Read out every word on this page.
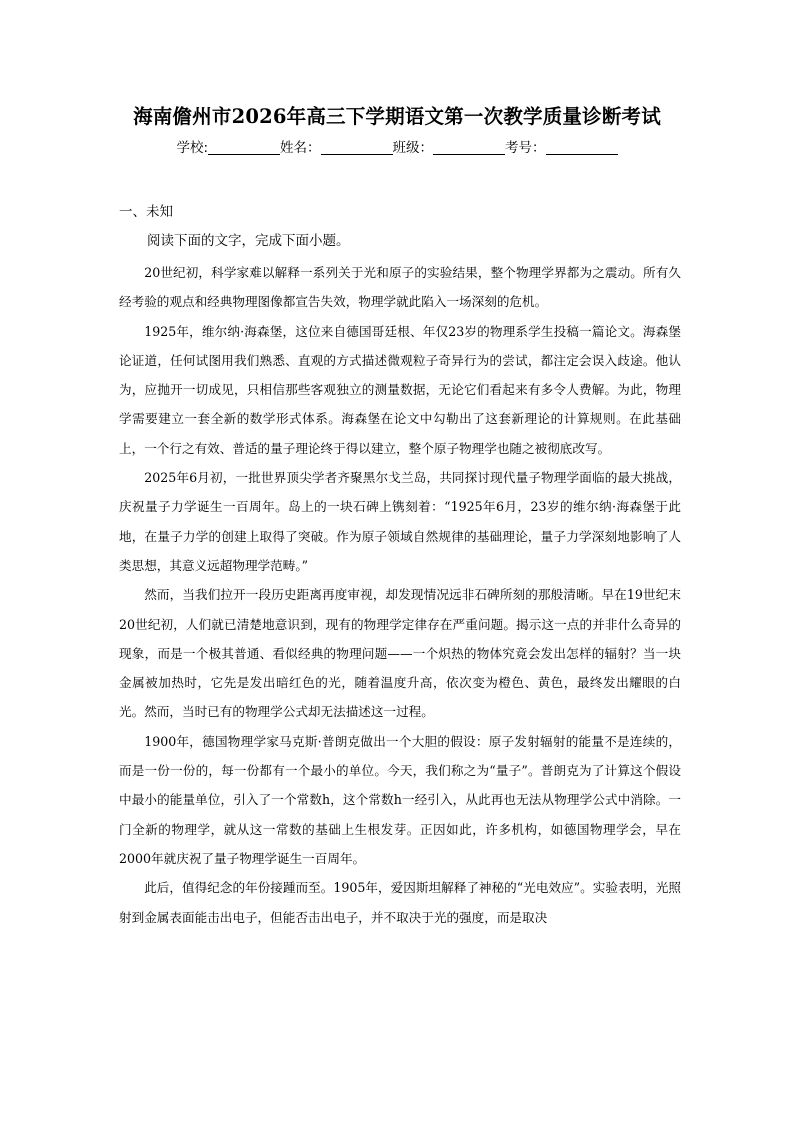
海南儋州市2026年高三下学期语文第一次教学质量诊断考试
学校:	姓名：	班级：	考号：
一、未知
阅读下面的文字，完成下面小题。

20世纪初，科学家难以解释一系列关于光和原子的实验结果，整个物理学界都为之震动。所有久经考验的观点和经典物理图像都宣告失效，物理学就此陷入一场深刻的危机。

1925年，维尔纳·海森堡，这位来自德国哥廷根、年仅23岁的物理系学生投稿一篇论文。海森堡论证道，任何试图用我们熟悉、直观的方式描述微观粒子奇异行为的尝试，都注定会误入歧途。他认为，应抛开一切成见，只相信那些客观独立的测量数据，无论它们看起来有多令人费解。为此，物理学需要建立一套全新的数学形式体系。海森堡在论文中勾勒出了这套新理论的计算规则。在此基础上，一个行之有效、普适的量子理论终于得以建立，整个原子物理学也随之被彻底改写。

2025年6月初，一批世界顶尖学者齐聚黑尔戈兰岛，共同探讨现代量子物理学面临的最大挑战，庆祝量子力学诞生一百周年。岛上的一块石碑上镌刻着：“1925年6月，23岁的维尔纳·海森堡于此地，在量子力学的创建上取得了突破。作为原子领域自然规律的基础理论，量子力学深刻地影响了人类思想，其意义远超物理学范畴。”

然而，当我们拉开一段历史距离再度审视，却发现情况远非石碑所刻的那般清晰。早在19世纪末20世纪初，人们就已清楚地意识到，现有的物理学定律存在严重问题。揭示这一点的并非什么奇异的现象，而是一个极其普通、看似经典的物理问题——一个炽热的物体究竟会发出怎样的辐射？当一块金属被加热时，它先是发出暗红色的光，随着温度升高，依次变为橙色、黄色，最终发出耀眼的白光。然而，当时已有的物理学公式却无法描述这一过程。

1900年，德国物理学家马克斯·普朗克做出一个大胆的假设：原子发射辐射的能量不是连续的，而是一份一份的，每一份都有一个最小的单位。今天，我们称之为“量子”。普朗克为了计算这个假设中最小的能量单位，引入了一个常数h，这个常数h一经引入，从此再也无法从物理学公式中消除。一门全新的物理学，就从这一常数的基础上生根发芽。正因如此，许多机构，如德国物理学会，早在2000年就庆祝了量子物理学诞生一百周年。

此后，值得纪念的年份接踵而至。1905年，爱因斯坦解释了神秘的“光电效应”。实验表明，光照射到金属表面能击出电子，但能否击出电子，并不取决于光的强度，而是取决
